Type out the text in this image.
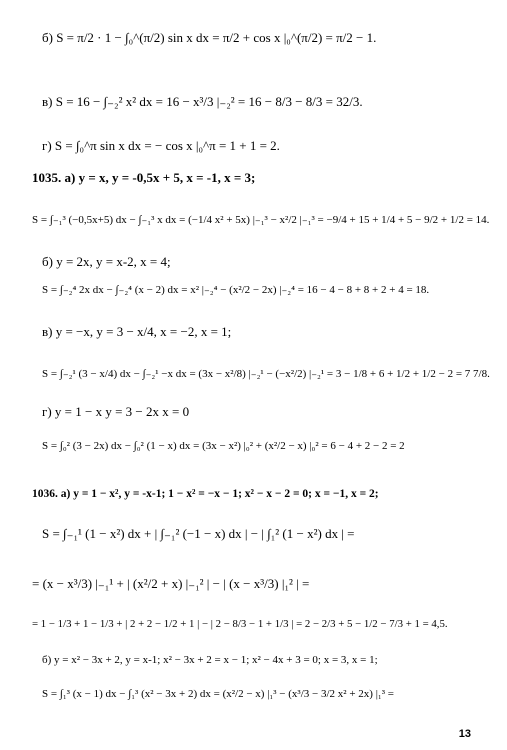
б) S = π/2 · 1 − ∫₀^(π/2) sin x dx = π/2 + cos x |₀^(π/2) = π/2 − 1.
в) S = 16 − ∫₋₂² x² dx = 16 − x³/3 |₋₂² = 16 − 8/3 − 8/3 = 32/3.
г) S = ∫₀^π sin x dx = − cos x |₀^π = 1 + 1 = 2.
1035. а) y = x, y = -0,5x + 5, x = -1, x = 3;
S = ∫₋₁³ (−0,5x+5) dx − ∫₋₁³ x dx = (−1/4 x² + 5x) |₋₁³ − x²/2 |₋₁³ = −9/4 + 15 + 1/4 + 5 − 9/2 + 1/2 = 14.
б) y = 2x, y = x-2, x = 4;
S = ∫₋₂⁴ 2x dx − ∫₋₂⁴ (x − 2) dx = x² |₋₂⁴ − (x²/2 − 2x) |₋₂⁴ = 16 − 4 − 8 + 8 + 2 + 4 = 18.
в) y = −x, y = 3 − x/4, x = −2, x = 1;
S = ∫₋₂¹ (3 − x/4) dx − ∫₋₂¹ −x dx = (3x − x²/8) |₋₂¹ − (−x²/2) |₋₂¹ = 3 − 1/8 + 6 + 1/2 + 1/2 − 2 = 7 7/8.
г) y = 1 − x y = 3 − 2x x = 0
S = ∫₀² (3 − 2x) dx − ∫₀² (1 − x) dx = (3x − x²) |₀² + (x²/2 − x) |₀² = 6 − 4 + 2 − 2 = 2
1036. а) y = 1 − x², y = -x-1; 1 − x² = −x − 1; x² − x − 2 = 0; x = −1, x = 2;
S = ∫₋₁¹ (1 − x²) dx + | ∫₋₁² (−1 − x) dx | − | ∫₁² (1 − x²) dx | =
= (x − x³/3) |₋₁¹ + | (x²/2 + x) |₋₁² | − | (x − x³/3) |₁² | =
= 1 − 1/3 + 1 − 1/3 + | 2 + 2 − 1/2 + 1 | − | 2 − 8/3 − 1 + 1/3 | = 2 − 2/3 + 5 − 1/2 − 7/3 + 1 = 4,5.
б) y = x² − 3x + 2, y = x-1; x² − 3x + 2 = x − 1; x² − 4x + 3 = 0; x = 3, x = 1;
S = ∫₁³ (x − 1) dx − ∫₁³ (x² − 3x + 2) dx = (x²/2 − x) |₁³ − (x³/3 − 3/2 x² + 2x) |₁³ =
13
